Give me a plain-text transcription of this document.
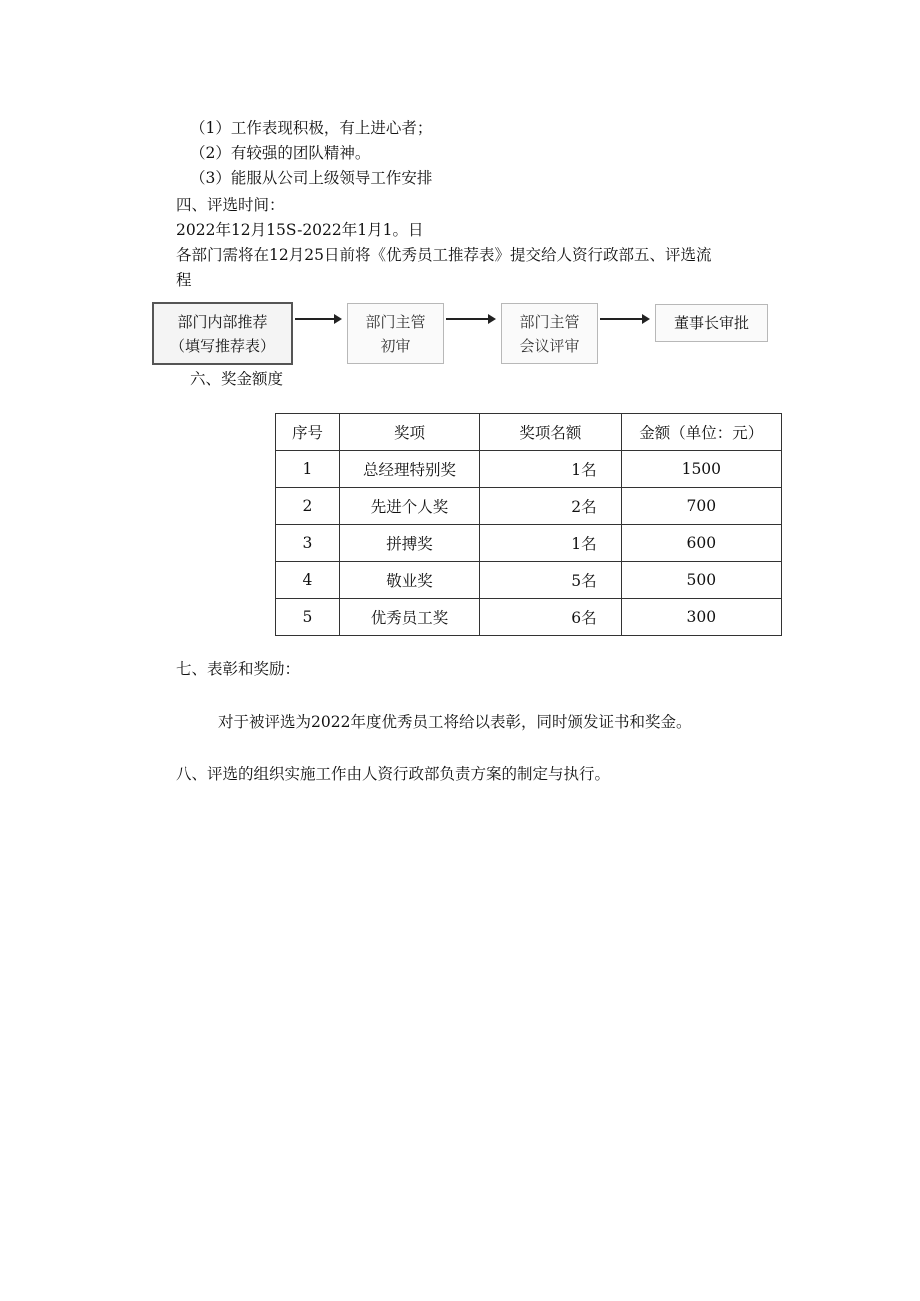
（1）工作表现积极，有上进心者；
（2）有较强的团队精神。
（3）能服从公司上级领导工作安排
四、评选时间：
2022年12月15S-2022年1月1。日
各部门需将在12月25日前将《优秀员工推荐表》提交给人资行政部五、评选流
程
部门内部推荐
（填写推荐表）
部门主管
初审
部门主管
会议评审
董事长审批
六、奖金额度
序号	奖项	奖项名额	金额（单位：元）
1	总经理特别奖	1名	1500
2	先进个人奖	2名	700
3	拼搏奖	1名	600
4	敬业奖	5名	500
5	优秀员工奖	6名	300
七、表彰和奖励：
对于被评选为2022年度优秀员工将给以表彰，同时颁发证书和奖金。
八、评选的组织实施工作由人资行政部负责方案的制定与执行。
